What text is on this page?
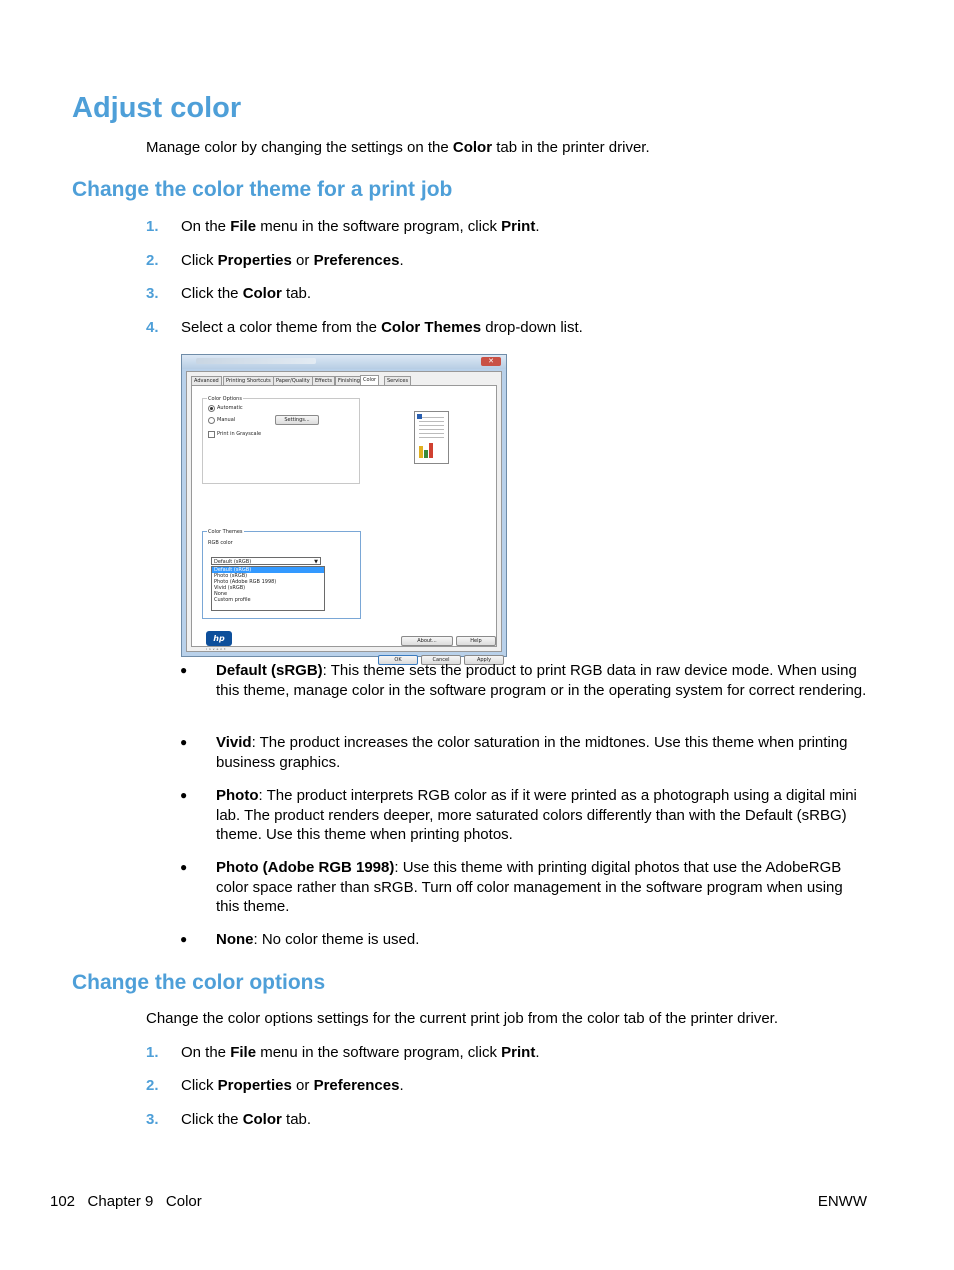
Adjust color
Manage color by changing the settings on the Color tab in the printer driver.
Change the color theme for a print job
1.	On the File menu in the software program, click Print.
2.	Click Properties or Preferences.
3.	Click the Color tab.
4.	Select a color theme from the Color Themes drop-down list.
✕
Advanced	Printing Shortcuts	Paper/Quality	Effects	Finishing Color	Services
Color Options
Automatic
Manual	Settings...
Print in Grayscale
Color Themes
RGB color
Default (sRGB)	▼
Default (sRGB)
Photo (sRGB)
Photo (Adobe RGB 1998)
Vivid (sRGB)
None
Custom profile
hp
invent
About...	Help
OK	Cancel	Apply
● Default (sRGB): This theme sets the product to print RGB data in raw device mode. When using this theme, manage color in the software program or in the operating system for correct rendering.
● Vivid: The product increases the color saturation in the midtones. Use this theme when printing business graphics.
● Photo: The product interprets RGB color as if it were printed as a photograph using a digital mini lab. The product renders deeper, more saturated colors differently than with the Default (sRBG) theme. Use this theme when printing photos.
● Photo (Adobe RGB 1998): Use this theme with printing digital photos that use the AdobeRGB color space rather than sRGB. Turn off color management in the software program when using this theme.
● None: No color theme is used.
Change the color options
Change the color options settings for the current print job from the color tab of the printer driver.
1.	On the File menu in the software program, click Print.
2.	Click Properties or Preferences.
3.	Click the Color tab.
102   Chapter 9   Color	ENWW
